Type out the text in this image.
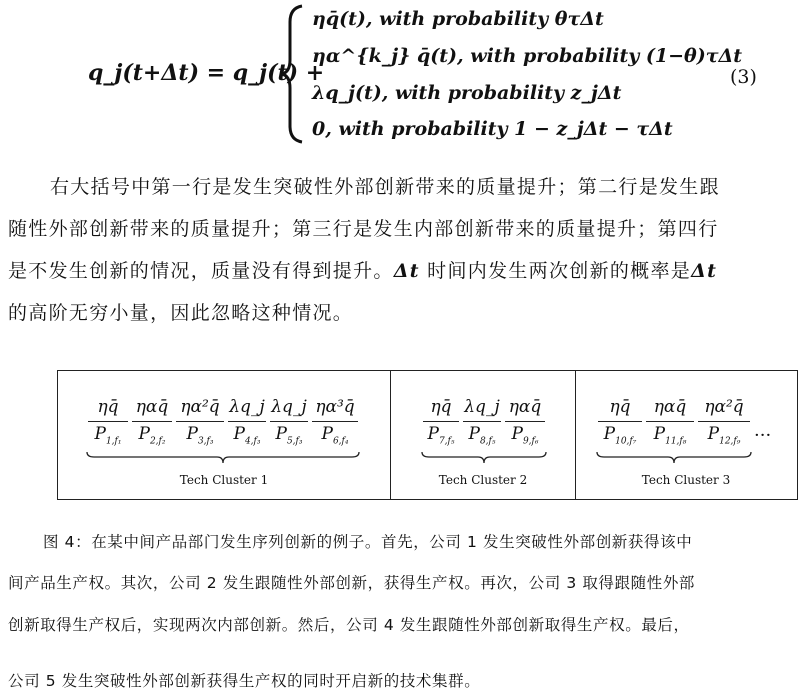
q_j(t+Δt) = q_j(t) +
ηq̄(t), with probability θτΔt
ηα^{k_j} q̄(t), with probability (1−θ)τΔt
λq_j(t), with probability z_jΔt
0, with probability 1 − z_jΔt − τΔt
(3)
右大括号中第一行是发生突破性外部创新带来的质量提升；第二行是发生跟
随性外部创新带来的质量提升；第三行是发生内部创新带来的质量提升；第四行
是不发生创新的情况，质量没有得到提升。Δt 时间内发生两次创新的概率是Δt
的高阶无穷小量，因此忽略这种情况。
ηq̄
$P_{1,f_1}$
ηαq̄
$P_{2,f_2}$
ηα²q̄
$P_{3,f_3}$
λq_j
$P_{4,f_3}$
λq_j
$P_{5,f_3}$
ηα³q̄
$P_{6,f_4}$
Tech Cluster 1
ηq̄
$P_{7,f_5}$
λq_j
$P_{8,f_5}$
ηαq̄
$P_{9,f_6}$
Tech Cluster 2
ηq̄
$P_{10,f_7}$
ηαq̄
$P_{11,f_8}$
ηα²q̄
$P_{12,f_9}$ ···
Tech Cluster 3
图 4：在某中间产品部门发生序列创新的例子。首先，公司 1 发生突破性外部创新获得该中
间产品生产权。其次，公司 2 发生跟随性外部创新，获得生产权。再次，公司 3 取得跟随性外部
创新取得生产权后，实现两次内部创新。然后，公司 4 发生跟随性外部创新取得生产权。最后，
公司 5 发生突破性外部创新获得生产权的同时开启新的技术集群。
